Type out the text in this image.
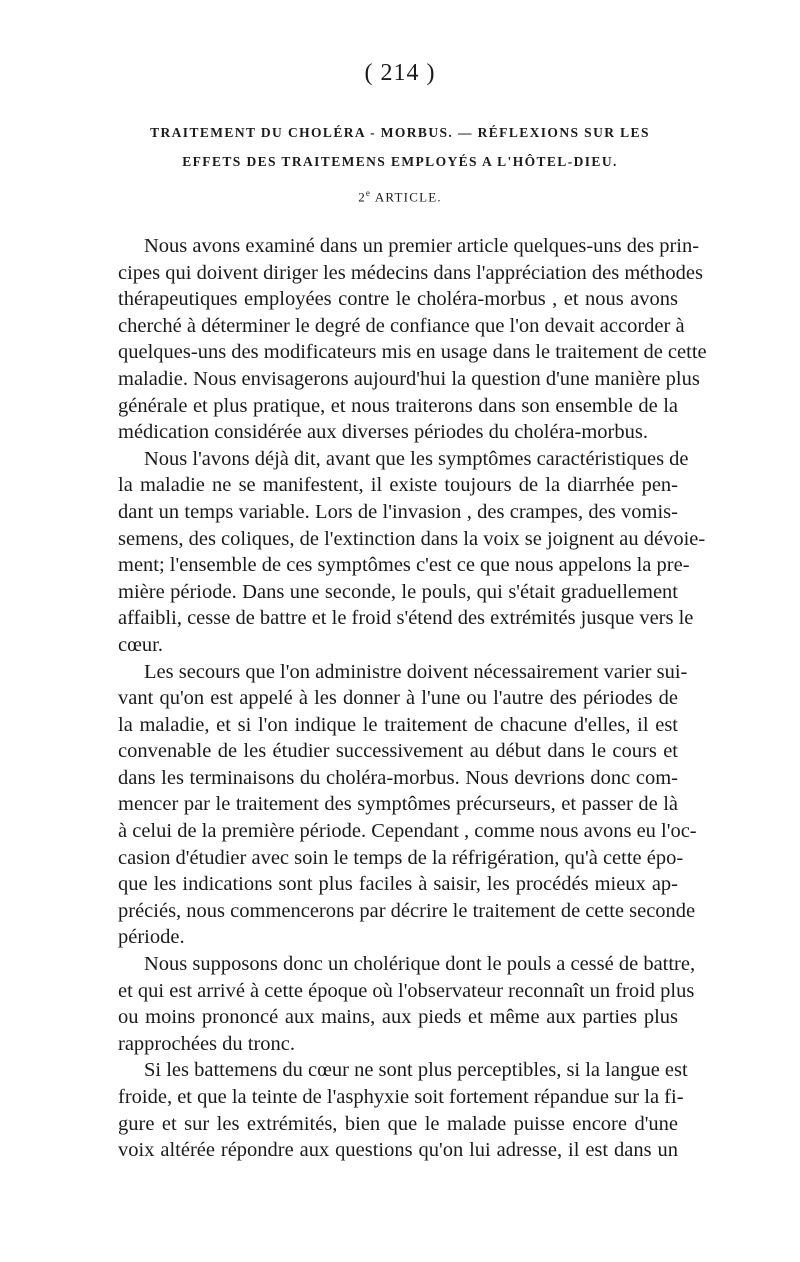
( 214 )
TRAITEMENT DU CHOLÉRA - MORBUS. — RÉFLEXIONS SUR LES
EFFETS DES TRAITEMENS EMPLOYÉS A L'HÔTEL-DIEU.
2e ARTICLE.
Nous avons examiné dans un premier article quelques-uns des prin-
cipes qui doivent diriger les médecins dans l'appréciation des méthodes
thérapeutiques employées contre le choléra-morbus , et nous avons
cherché à déterminer le degré de confiance que l'on devait accorder à
quelques-uns des modificateurs mis en usage dans le traitement de cette
maladie. Nous envisagerons aujourd'hui la question d'une manière plus
générale et plus pratique, et nous traiterons dans son ensemble de la
médication considérée aux diverses périodes du choléra-morbus.
Nous l'avons déjà dit, avant que les symptômes caractéristiques de
la maladie ne se manifestent, il existe toujours de la diarrhée pen-
dant un temps variable. Lors de l'invasion , des crampes, des vomis-
semens, des coliques, de l'extinction dans la voix se joignent au dévoie-
ment; l'ensemble de ces symptômes c'est ce que nous appelons la pre-
mière période. Dans une seconde, le pouls, qui s'était graduellement
affaibli, cesse de battre et le froid s'étend des extrémités jusque vers le
cœur.
Les secours que l'on administre doivent nécessairement varier sui-
vant qu'on est appelé à les donner à l'une ou l'autre des périodes de
la maladie, et si l'on indique le traitement de chacune d'elles, il est
convenable de les étudier successivement au début dans le cours et
dans les terminaisons du choléra-morbus. Nous devrions donc com-
mencer par le traitement des symptômes précurseurs, et passer de là
à celui de la première période. Cependant , comme nous avons eu l'oc-
casion d'étudier avec soin le temps de la réfrigération, qu'à cette épo-
que les indications sont plus faciles à saisir, les procédés mieux ap-
préciés, nous commencerons par décrire le traitement de cette seconde
période.
Nous supposons donc un cholérique dont le pouls a cessé de battre,
et qui est arrivé à cette époque où l'observateur reconnaît un froid plus
ou moins prononcé aux mains, aux pieds et même aux parties plus
rapprochées du tronc.
Si les battemens du cœur ne sont plus perceptibles, si la langue est
froide, et que la teinte de l'asphyxie soit fortement répandue sur la fi-
gure et sur les extrémités, bien que le malade puisse encore d'une
voix altérée répondre aux questions qu'on lui adresse, il est dans un
